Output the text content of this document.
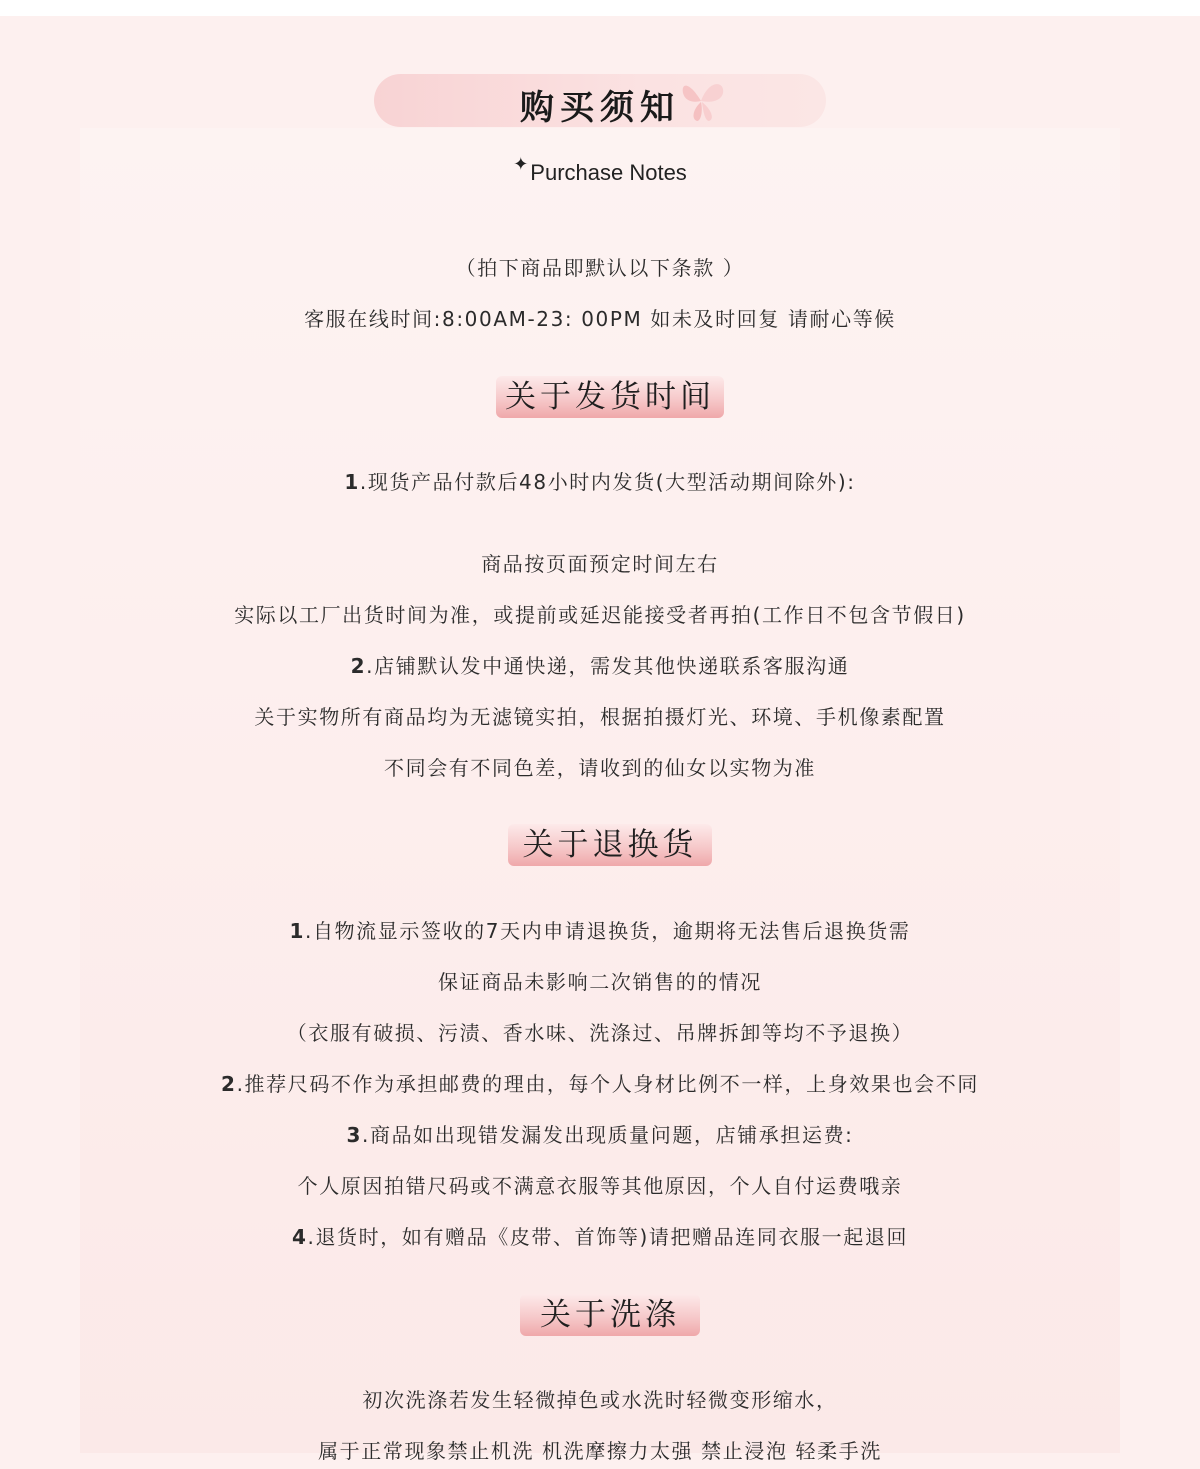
购买须知
✦Purchase Notes
（拍下商品即默认以下条款 ）
客服在线时间:8:00AM-23: 00PM 如未及时回复 请耐心等候
关于发货时间
1.现货产品付款后48小时内发货(大型活动期间除外):
商品按页面预定时间左右
实际以工厂出货时间为准，或提前或延迟能接受者再拍(工作日不包含节假日)
2.店铺默认发中通快递，需发其他快递联系客服沟通
关于实物所有商品均为无滤镜实拍，根据拍摄灯光、环境、手机像素配置
不同会有不同色差，请收到的仙女以实物为准
关于退换货
1.自物流显示签收的7天内申请退换货，逾期将无法售后退换货需
保证商品未影响二次销售的的情况
（衣服有破损、污渍、香水味、洗涤过、吊牌拆卸等均不予退换）
2.推荐尺码不作为承担邮费的理由，每个人身材比例不一样，上身效果也会不同
3.商品如出现错发漏发出现质量问题，店铺承担运费:
个人原因拍错尺码或不满意衣服等其他原因，个人自付运费哦亲
4.退货时，如有赠品《皮带、首饰等)请把赠品连同衣服一起退回
关于洗涤
初次洗涤若发生轻微掉色或水洗时轻微变形缩水，
属于正常现象禁止机洗 机洗摩擦力太强 禁止浸泡 轻柔手洗
